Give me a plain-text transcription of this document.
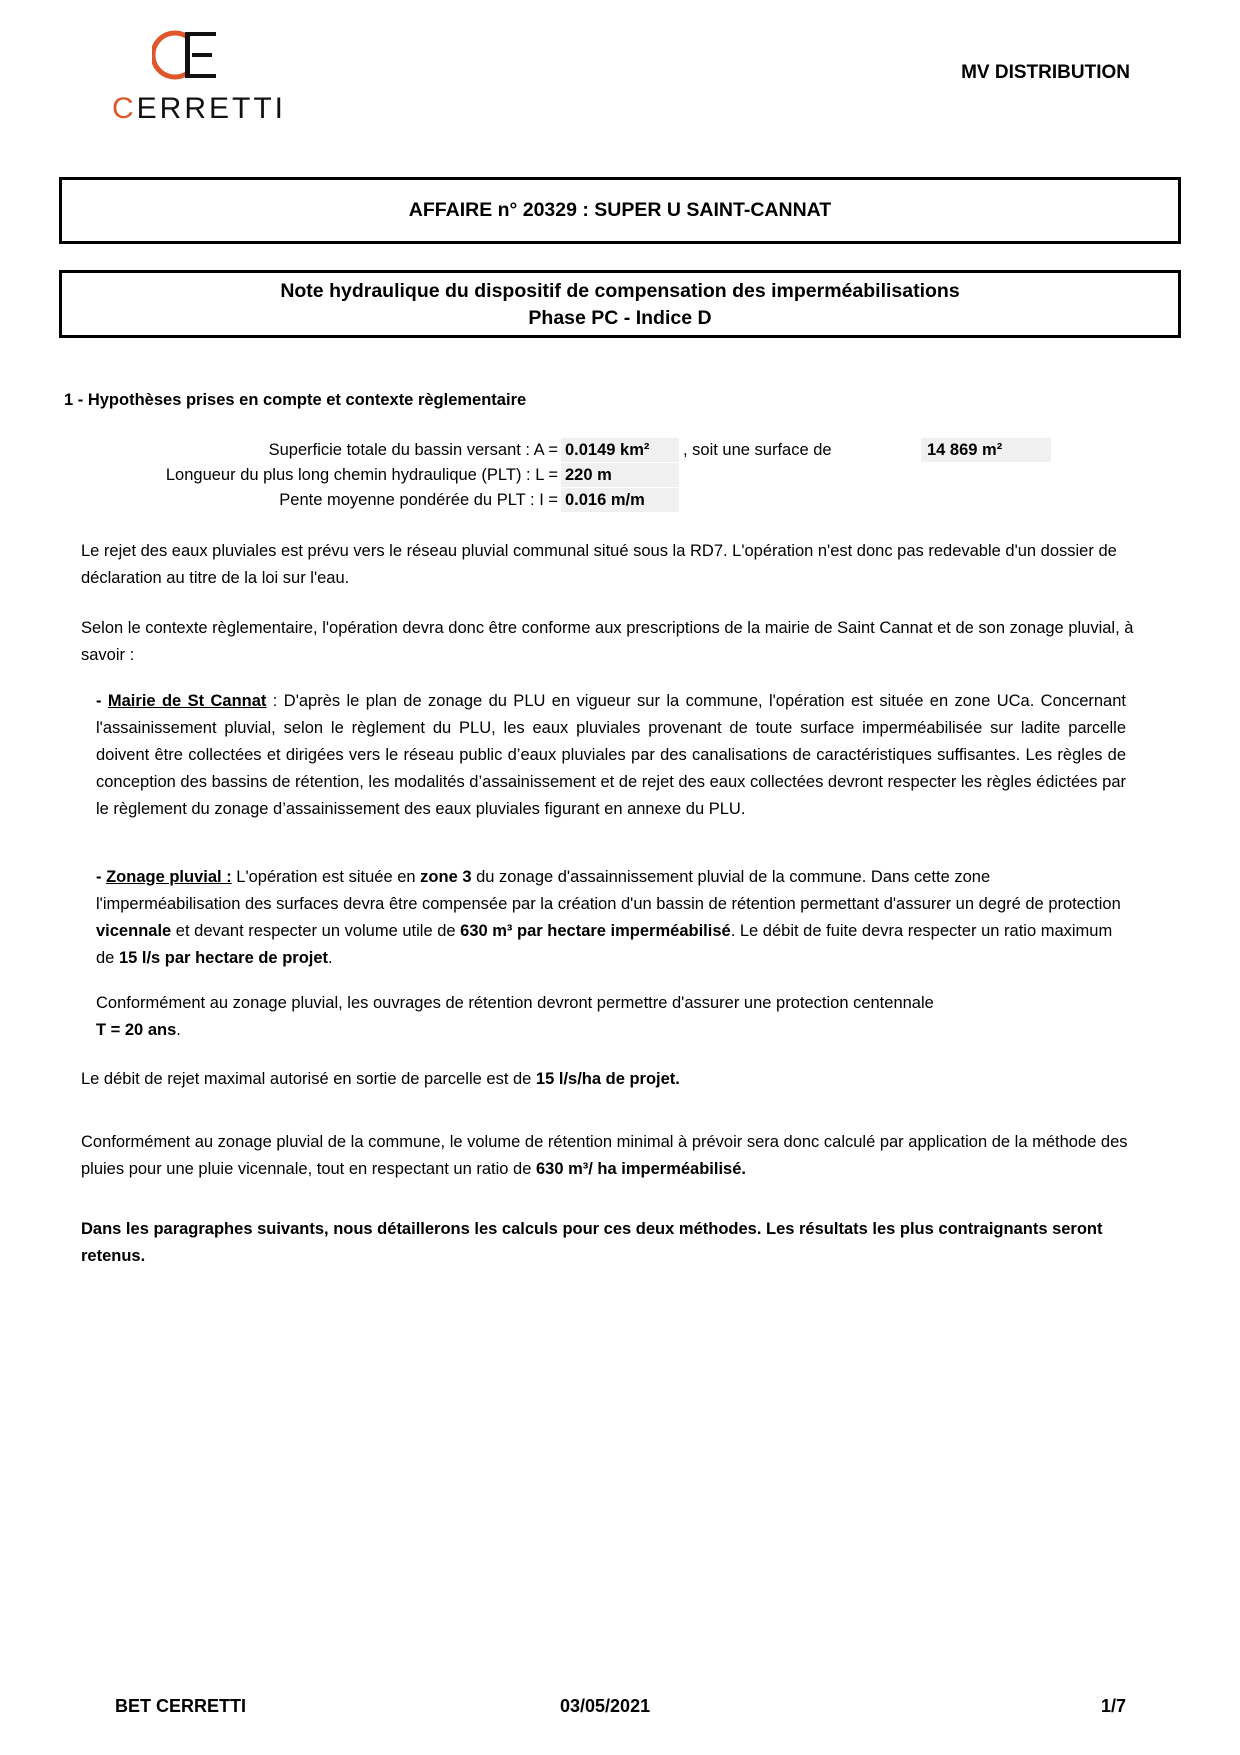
CERRETTI
MV DISTRIBUTION
AFFAIRE n° 20329 : SUPER U SAINT-CANNAT
Note hydraulique du dispositif de compensation des imperméabilisations
Phase PC - Indice D
1 - Hypothèses prises en compte et contexte règlementaire
Superficie totale du bassin versant : A = 0.0149 km²	, soit une surface de	14 869 m²
Longueur du plus long chemin hydraulique (PLT) : L = 220 m
Pente moyenne pondérée du PLT : I = 0.016 m/m
Le rejet des eaux pluviales est prévu vers le réseau pluvial communal situé sous la RD7. L'opération n'est donc pas redevable d'un dossier de déclaration au titre de la loi sur l'eau.
Selon le contexte règlementaire, l'opération devra donc être conforme aux prescriptions de la mairie de Saint Cannat et de son zonage pluvial, à savoir :
- Mairie de St Cannat : D'après le plan de zonage du PLU en vigueur sur la commune, l'opération est située en zone UCa. Concernant l'assainissement pluvial, selon le règlement du PLU, les eaux pluviales provenant de toute surface imperméabilisée sur ladite parcelle doivent être collectées et dirigées vers le réseau public d’eaux pluviales par des canalisations de caractéristiques suffisantes. Les règles de conception des bassins de rétention, les modalités d’assainissement et de rejet des eaux collectées devront respecter les règles édictées par le règlement du zonage d’assainissement des eaux pluviales figurant en annexe du PLU.
- Zonage pluvial : L'opération est située en zone 3 du zonage d'assainnissement pluvial de la commune. Dans cette zone l'imperméabilisation des surfaces devra être compensée par la création d'un bassin de rétention permettant d'assurer un degré de protection vicennale et devant respecter un volume utile de 630 m³ par hectare imperméabilisé. Le débit de fuite devra respecter un ratio maximum de 15 l/s par hectare de projet.
Conformément au zonage pluvial, les ouvrages de rétention devront permettre d'assurer une protection centennale
T = 20 ans.
Le débit de rejet maximal autorisé en sortie de parcelle est de 15 l/s/ha de projet.
Conformément au zonage pluvial de la commune, le volume de rétention minimal à prévoir sera donc calculé par application de la méthode des pluies pour une pluie vicennale, tout en respectant un ratio de 630 m³/ ha imperméabilisé.
Dans les paragraphes suivants, nous détaillerons les calculs pour ces deux méthodes. Les résultats les plus contraignants seront retenus.
BET CERRETTI	03/05/2021	1/7
